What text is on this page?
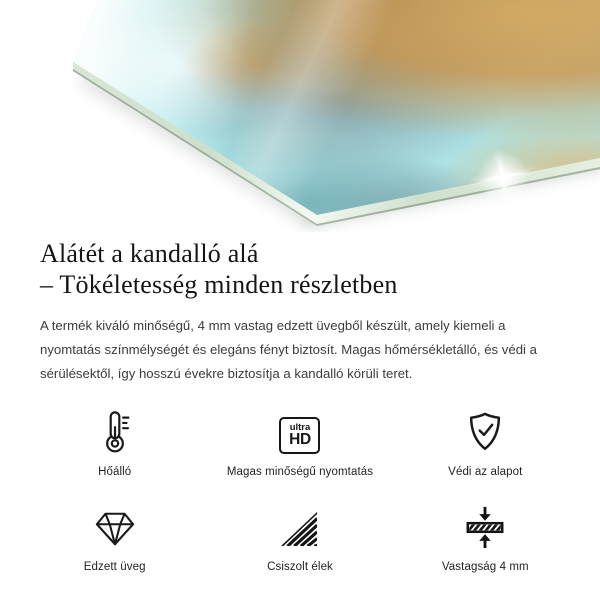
Alátét a kandalló alá
– Tökéletesség minden részletben
A termék kiváló minőségű, 4 mm vastag edzett üvegből készült, amely kiemeli a nyomtatás színmélységét és elegáns fényt biztosít. Magas hőmérsékletálló, és védi a sérülésektől, így hosszú évekre biztosítja a kandalló körüli teret.
Hőálló
ultra
HD
Magas minőségű nyomtatás	Védi az alapot
Edzett üveg	Csiszolt élek	Vastagság 4 mm
